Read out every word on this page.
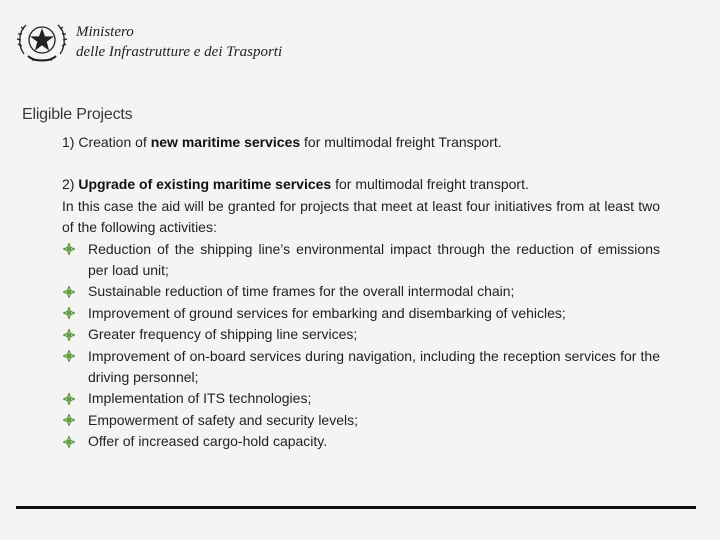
Ministero
delle Infrastrutture e dei Trasporti
Eligible Projects

1) Creation of new maritime services for multimodal freight Transport.

2) Upgrade of existing maritime services for multimodal freight transport.

In this case the aid will be granted for projects that meet at least four initiatives from at least two of the following activities:

Reduction of the shipping line’s environmental impact through the reduction of emissions per load unit;
Sustainable reduction of time frames for the overall intermodal chain;
Improvement of ground services for embarking and disembarking of vehicles;
Greater frequency of shipping line services;
Improvement of on-board services during navigation, including the reception services for the driving personnel;
Implementation of ITS technologies;
Empowerment of safety and security levels;
Offer of increased cargo-hold capacity.
